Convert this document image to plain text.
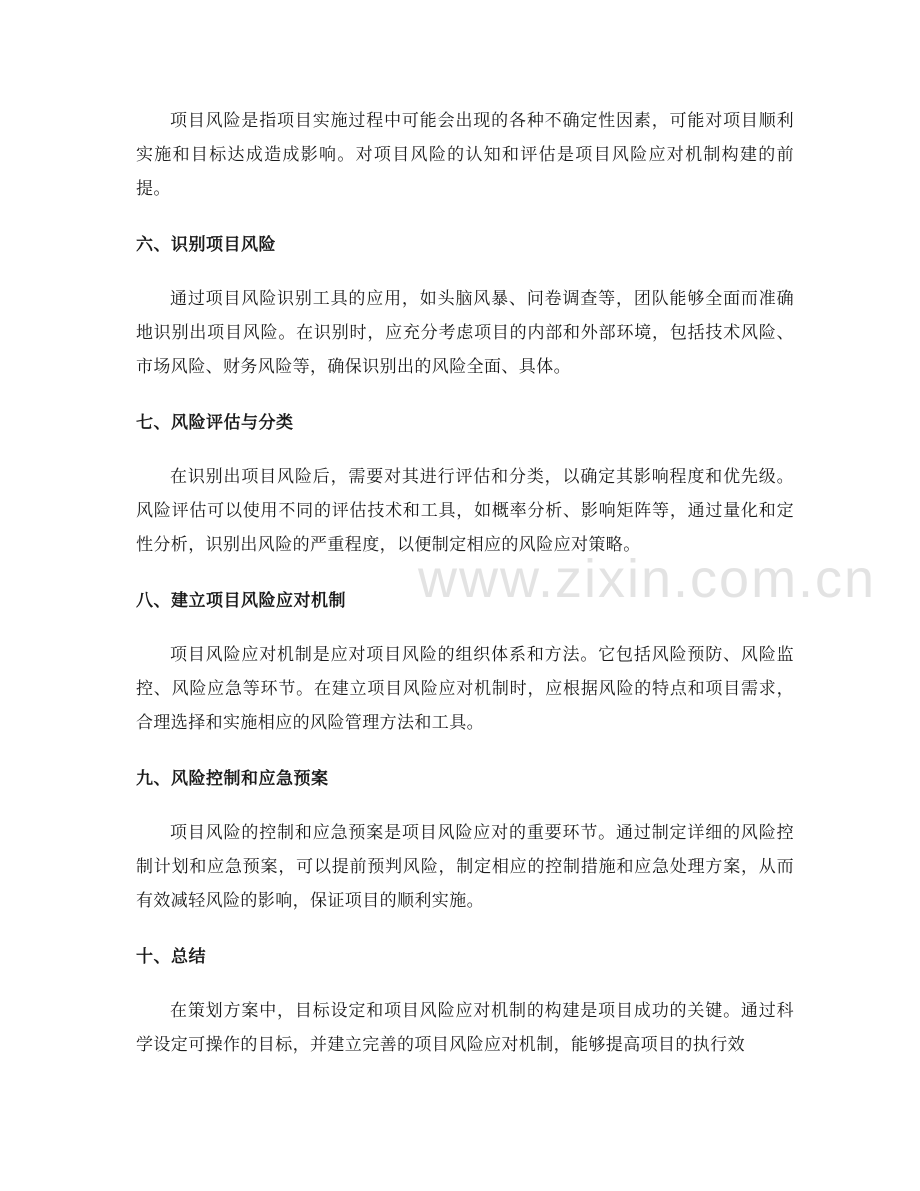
项目风险是指项目实施过程中可能会出现的各种不确定性因素，可能对项目顺利实施和目标达成造成影响。对项目风险的认知和评估是项目风险应对机制构建的前提。

六、识别项目风险

通过项目风险识别工具的应用，如头脑风暴、问卷调查等，团队能够全面而准确地识别出项目风险。在识别时，应充分考虑项目的内部和外部环境，包括技术风险、市场风险、财务风险等，确保识别出的风险全面、具体。

七、风险评估与分类

在识别出项目风险后，需要对其进行评估和分类，以确定其影响程度和优先级。风险评估可以使用不同的评估技术和工具，如概率分析、影响矩阵等，通过量化和定性分析，识别出风险的严重程度，以便制定相应的风险应对策略。

八、建立项目风险应对机制

项目风险应对机制是应对项目风险的组织体系和方法。它包括风险预防、风险监控、风险应急等环节。在建立项目风险应对机制时，应根据风险的特点和项目需求，合理选择和实施相应的风险管理方法和工具。

九、风险控制和应急预案

项目风险的控制和应急预案是项目风险应对的重要环节。通过制定详细的风险控制计划和应急预案，可以提前预判风险，制定相应的控制措施和应急处理方案，从而有效减轻风险的影响，保证项目的顺利实施。

十、总结

在策划方案中，目标设定和项目风险应对机制的构建是项目成功的关键。通过科学设定可操作的目标，并建立完善的项目风险应对机制，能够提高项目的执行效

www.zixin.com.cn
